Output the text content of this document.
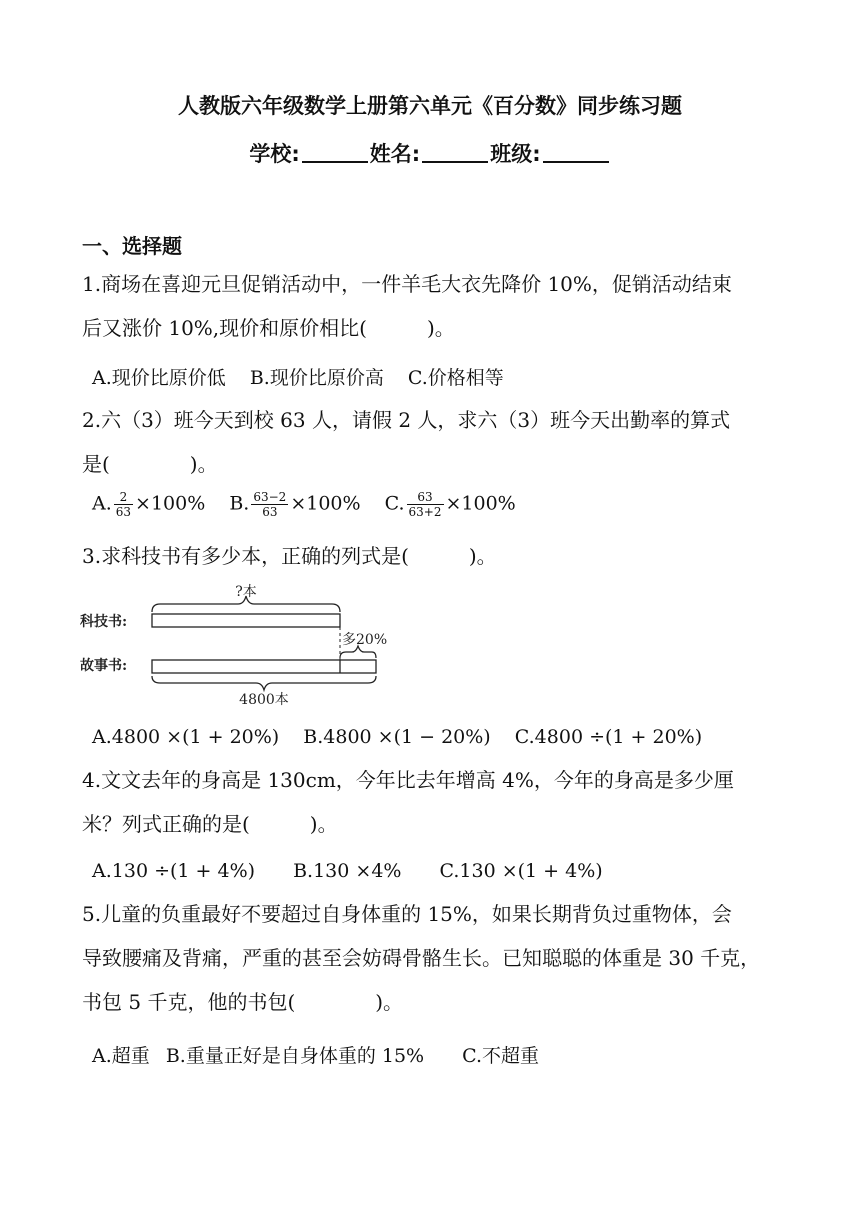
人教版六年级数学上册第六单元《百分数》同步练习题
学校:	姓名:	班级:
一、选择题
1.商场在喜迎元旦促销活动中，一件羊毛大衣先降价 10%，促销活动结束
后又涨价 10%,现价和原价相比(　　　)。
A.现价比原价低 B.现价比原价高 C.价格相等
2.六（3）班今天到校 63 人，请假 2 人，求六（3）班今天出勤率的算式
是(　　　　)。
A. $\frac{2}{63} \times 100\%$ B. $\frac{63-2}{63} \times 100\%$ C. $\frac{63}{63+2} \times 100\%$
3.求科技书有多少本，正确的列式是(　　　)。
科技书:
故事书:
?本
多20%
4800本
A.4800 ×(1 + 20%) B.4800 ×(1 − 20%) C.4800 ÷(1 + 20%)
4.文文去年的身高是 130cm，今年比去年增高 4%，今年的身高是多少厘
米？列式正确的是(　　　)。
A.130 ÷(1 + 4%) B.130 ×4% C.130 ×(1 + 4%)
5.儿童的负重最好不要超过自身体重的 15%，如果长期背负过重物体，会
导致腰痛及背痛，严重的甚至会妨碍骨骼生长。已知聪聪的体重是 30 千克，
书包 5 千克，他的书包(　　　　)。
A.超重 B.重量正好是自身体重的 15% C.不超重
